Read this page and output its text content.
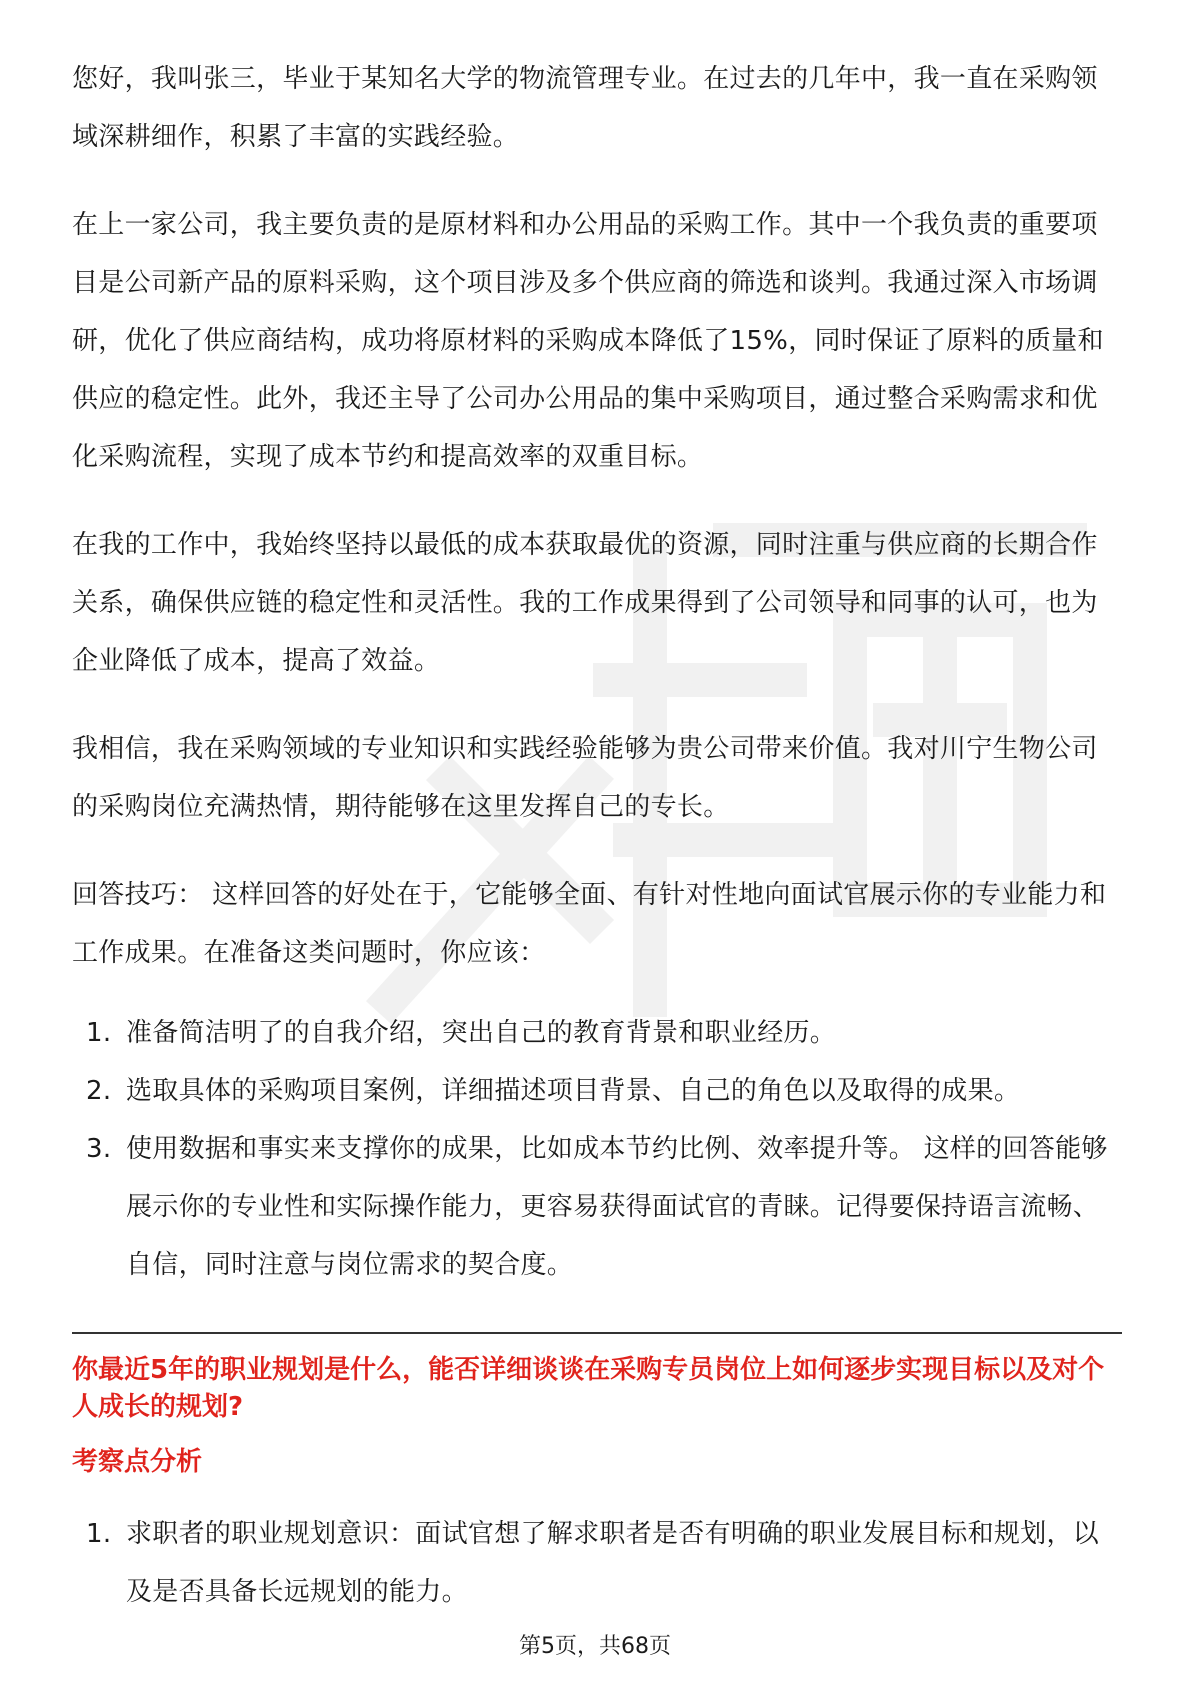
您好，我叫张三，毕业于某知名大学的物流管理专业。在过去的几年中，我一直在采购领域深耕细作，积累了丰富的实践经验。

在上一家公司，我主要负责的是原材料和办公用品的采购工作。其中一个我负责的重要项目是公司新产品的原料采购，这个项目涉及多个供应商的筛选和谈判。我通过深入市场调研，优化了供应商结构，成功将原材料的采购成本降低了15%，同时保证了原料的质量和供应的稳定性。此外，我还主导了公司办公用品的集中采购项目，通过整合采购需求和优化采购流程，实现了成本节约和提高效率的双重目标。

在我的工作中，我始终坚持以最低的成本获取最优的资源，同时注重与供应商的长期合作关系，确保供应链的稳定性和灵活性。我的工作成果得到了公司领导和同事的认可，也为企业降低了成本，提高了效益。

我相信，我在采购领域的专业知识和实践经验能够为贵公司带来价值。我对川宁生物公司的采购岗位充满热情，期待能够在这里发挥自己的专长。

回答技巧： 这样回答的好处在于，它能够全面、有针对性地向面试官展示你的专业能力和工作成果。在准备这类问题时，你应该：

1. 准备简洁明了的自我介绍，突出自己的教育背景和职业经历。
2. 选取具体的采购项目案例，详细描述项目背景、自己的角色以及取得的成果。
3. 使用数据和事实来支撑你的成果，比如成本节约比例、效率提升等。 这样的回答能够展示你的专业性和实际操作能力，更容易获得面试官的青睐。记得要保持语言流畅、自信，同时注意与岗位需求的契合度。

你最近5年的职业规划是什么，能否详细谈谈在采购专员岗位上如何逐步实现目标以及对个人成长的规划?

考察点分析

1. 求职者的职业规划意识：面试官想了解求职者是否有明确的职业发展目标和规划，以及是否具备长远规划的能力。
第5页，共68页
